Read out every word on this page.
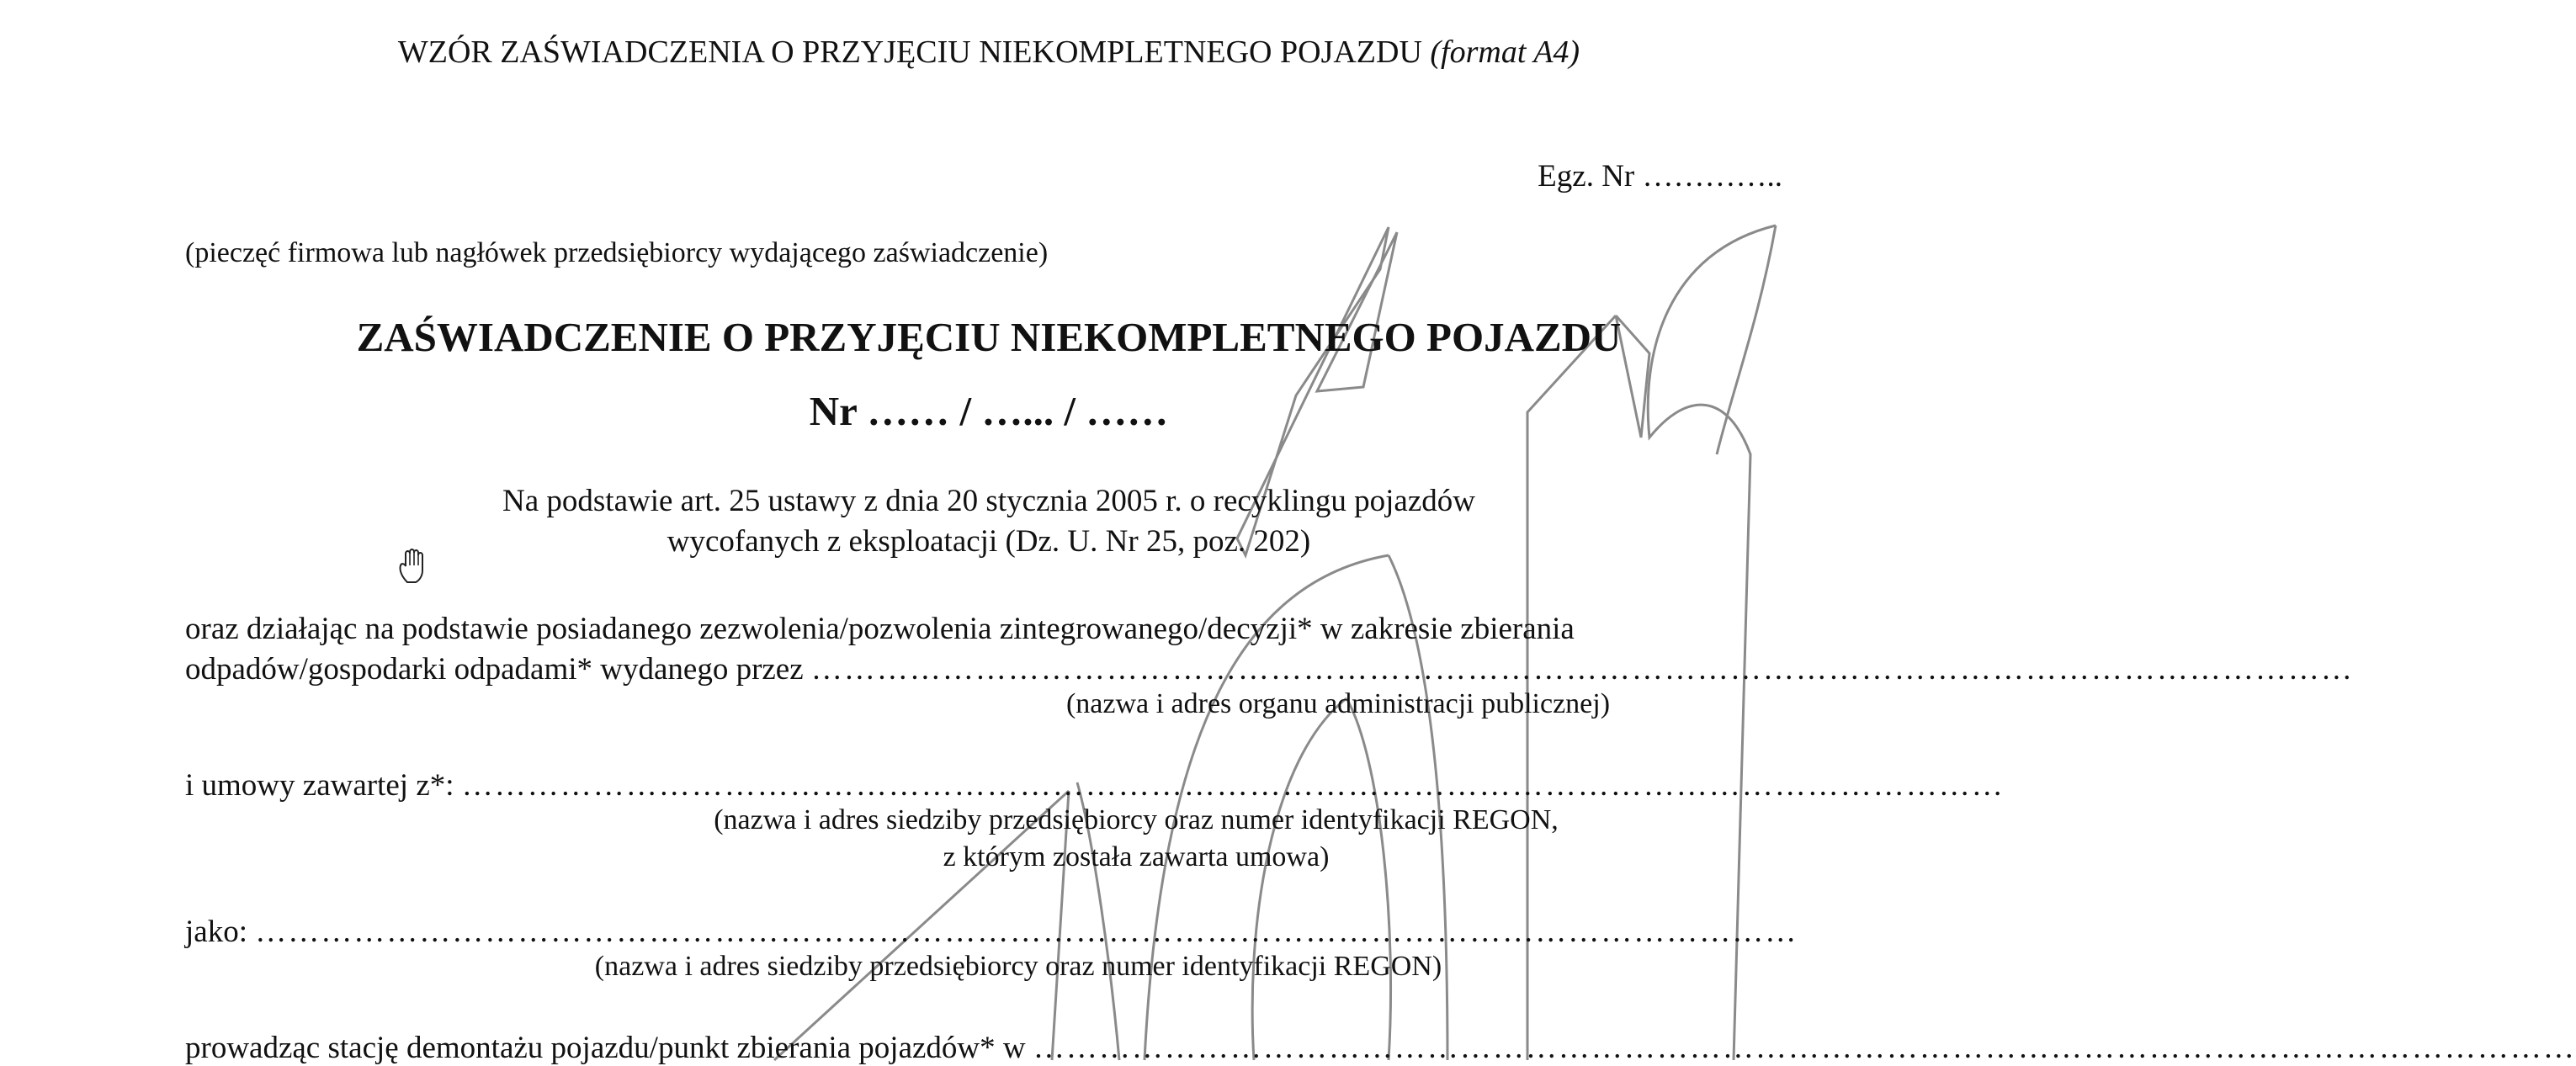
WZÓR ZAŚWIADCZENIA O PRZYJĘCIU NIEKOMPLETNEGO POJAZDU (format A4)
Egz. Nr …………..
(pieczęć firmowa lub nagłówek przedsiębiorcy wydającego zaświadczenie)
ZAŚWIADCZENIE O PRZYJĘCIU NIEKOMPLETNEGO POJAZDU
Nr …… / …... / ……
Na podstawie art. 25 ustawy z dnia 20 stycznia 2005 r. o recyklingu pojazdów
wycofanych z eksploatacji (Dz. U. Nr 25, poz. 202)
oraz działając na podstawie posiadanego zezwolenia/pozwolenia zintegrowanego/decyzji* w zakresie zbierania
odpadów/gospodarki odpadami* wydanego przez ……………………………………………………………………………………………………………………………
(nazwa i adres organu administracji publicznej)
i umowy zawartej z*: ……………………………………………………………………………………………………………………………
(nazwa i adres siedziby przedsiębiorcy oraz numer identyfikacji REGON,
z którym została zawarta umowa)
jako: ……………………………………………………………………………………………………………………………
(nazwa i adres siedziby przedsiębiorcy oraz numer identyfikacji REGON)
prowadząc stację demontażu pojazdu/punkt zbierania pojazdów* w ……………………………………………………………………………………………………………………………
